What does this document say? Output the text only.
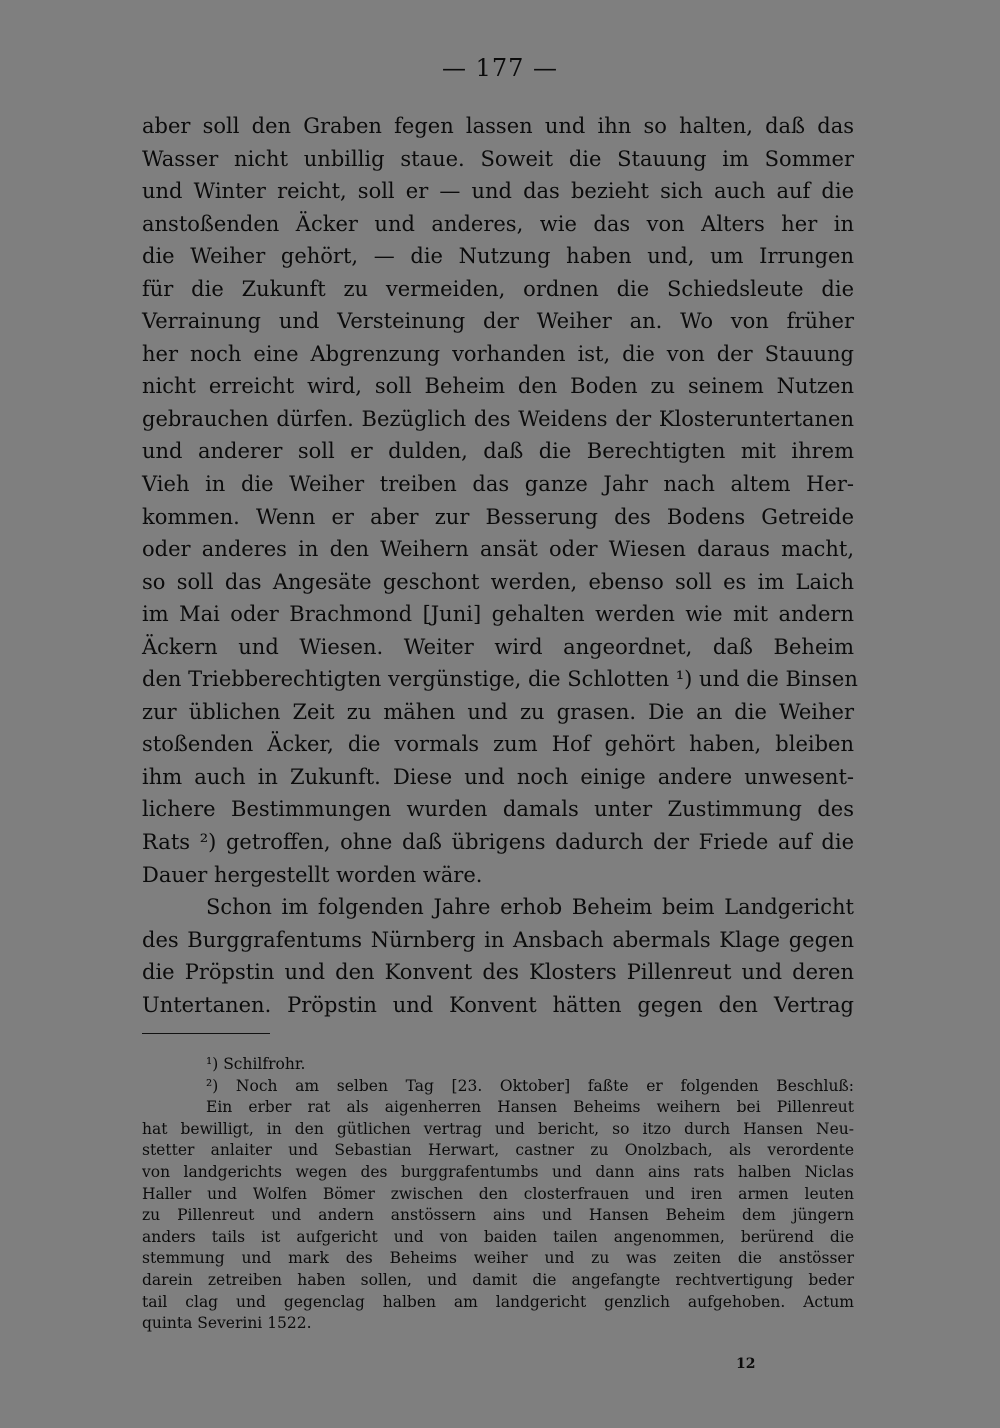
— 177 —
aber soll den Graben fegen lassen und ihn so halten, daß das
Wasser nicht unbillig staue. Soweit die Stauung im Sommer
und Winter reicht, soll er — und das bezieht sich auch auf die
anstoßenden Äcker und anderes, wie das von Alters her in
die Weiher gehört, — die Nutzung haben und, um Irrungen
für die Zukunft zu vermeiden, ordnen die Schiedsleute die
Verrainung und Versteinung der Weiher an. Wo von früher
her noch eine Abgrenzung vorhanden ist, die von der Stauung
nicht erreicht wird, soll Beheim den Boden zu seinem Nutzen
gebrauchen dürfen. Bezüglich des Weidens der Klosteruntertanen
und anderer soll er dulden, daß die Berechtigten mit ihrem
Vieh in die Weiher treiben das ganze Jahr nach altem Her-
kommen. Wenn er aber zur Besserung des Bodens Getreide
oder anderes in den Weihern ansät oder Wiesen daraus macht,
so soll das Angesäte geschont werden, ebenso soll es im Laich
im Mai oder Brachmond [Juni] gehalten werden wie mit andern
Äckern und Wiesen. Weiter wird angeordnet, daß Beheim
den Triebberechtigten vergünstige, die Schlotten ¹) und die Binsen
zur üblichen Zeit zu mähen und zu grasen. Die an die Weiher
stoßenden Äcker, die vormals zum Hof gehört haben, bleiben
ihm auch in Zukunft. Diese und noch einige andere unwesent-
lichere Bestimmungen wurden damals unter Zustimmung des
Rats ²) getroffen, ohne daß übrigens dadurch der Friede auf die
Dauer hergestellt worden wäre.
Schon im folgenden Jahre erhob Beheim beim Landgericht
des Burggrafentums Nürnberg in Ansbach abermals Klage gegen
die Pröpstin und den Konvent des Klosters Pillenreut und deren
Untertanen. Pröpstin und Konvent hätten gegen den Vertrag
¹) Schilfrohr.
²) Noch am selben Tag [23. Oktober] faßte er folgenden Beschluß:
Ein erber rat als aigenherren Hansen Beheims weihern bei Pillenreut
hat bewilligt, in den gütlichen vertrag und bericht, so itzo durch Hansen Neu-
stetter anlaiter und Sebastian Herwart, castner zu Onolzbach, als verordente
von landgerichts wegen des burggrafentumbs und dann ains rats halben Niclas
Haller und Wolfen Bömer zwischen den closterfrauen und iren armen leuten
zu Pillenreut und andern anstössern ains und Hansen Beheim dem jüngern
anders tails ist aufgericht und von baiden tailen angenommen, berürend die
stemmung und mark des Beheims weiher und zu was zeiten die anstösser
darein zetreiben haben sollen, und damit die angefangte rechtvertigung beder
tail clag und gegenclag halben am landgericht genzlich aufgehoben. Actum
quinta Severini 1522.
12
